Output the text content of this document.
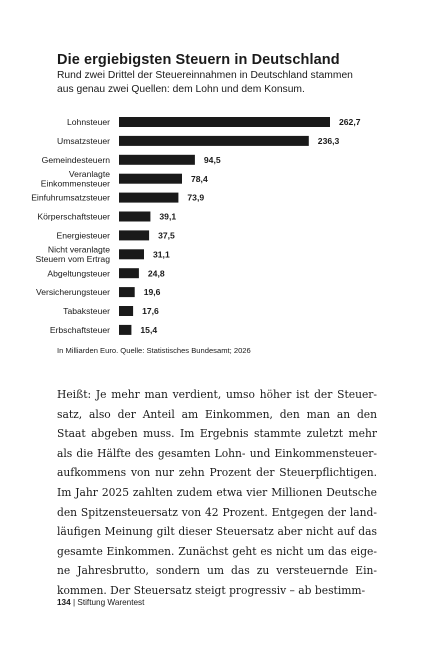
Die ergiebigsten Steuern in Deutschland

Rund zwei Drittel der Steuereinnahmen in Deutschland stammen
aus genau zwei Quellen: dem Lohn und dem Konsum.

Lohnsteuer	262,7
Umsatzsteuer	236,3
Gemeindesteuern	94,5
Veranlagte Einkommensteuer	78,4
Einfuhrumsatzsteuer	73,9
Körperschaftsteuer	39,1
Energiesteuer	37,5
Nicht veranlagte Steuern vom Ertrag	31,1
Abgeltungsteuer	24,8
Versicherungsteuer	19,6
Tabaksteuer	17,6
Erbschaftsteuer	15,4

In Milliarden Euro. Quelle: Statistisches Bundesamt; 2026

Heißt: Je mehr man verdient, umso höher ist der Steuer-
satz, also der Anteil am Einkommen, den man an den
Staat abgeben muss. Im Ergebnis stammte zuletzt mehr
als die Hälfte des gesamten Lohn- und Einkommensteuer-
aufkommens von nur zehn Prozent der Steuerpflichtigen.
Im Jahr 2025 zahlten zudem etwa vier Millionen Deutsche
den Spitzensteuersatz von 42 Prozent. Entgegen der land-
läufigen Meinung gilt dieser Steuersatz aber nicht auf das
gesamte Einkommen. Zunächst geht es nicht um das eige-
ne Jahresbrutto, sondern um das zu versteuernde Ein-
kommen. Der Steuersatz steigt progressiv – ab bestimm-

134 | Stiftung Warentest
